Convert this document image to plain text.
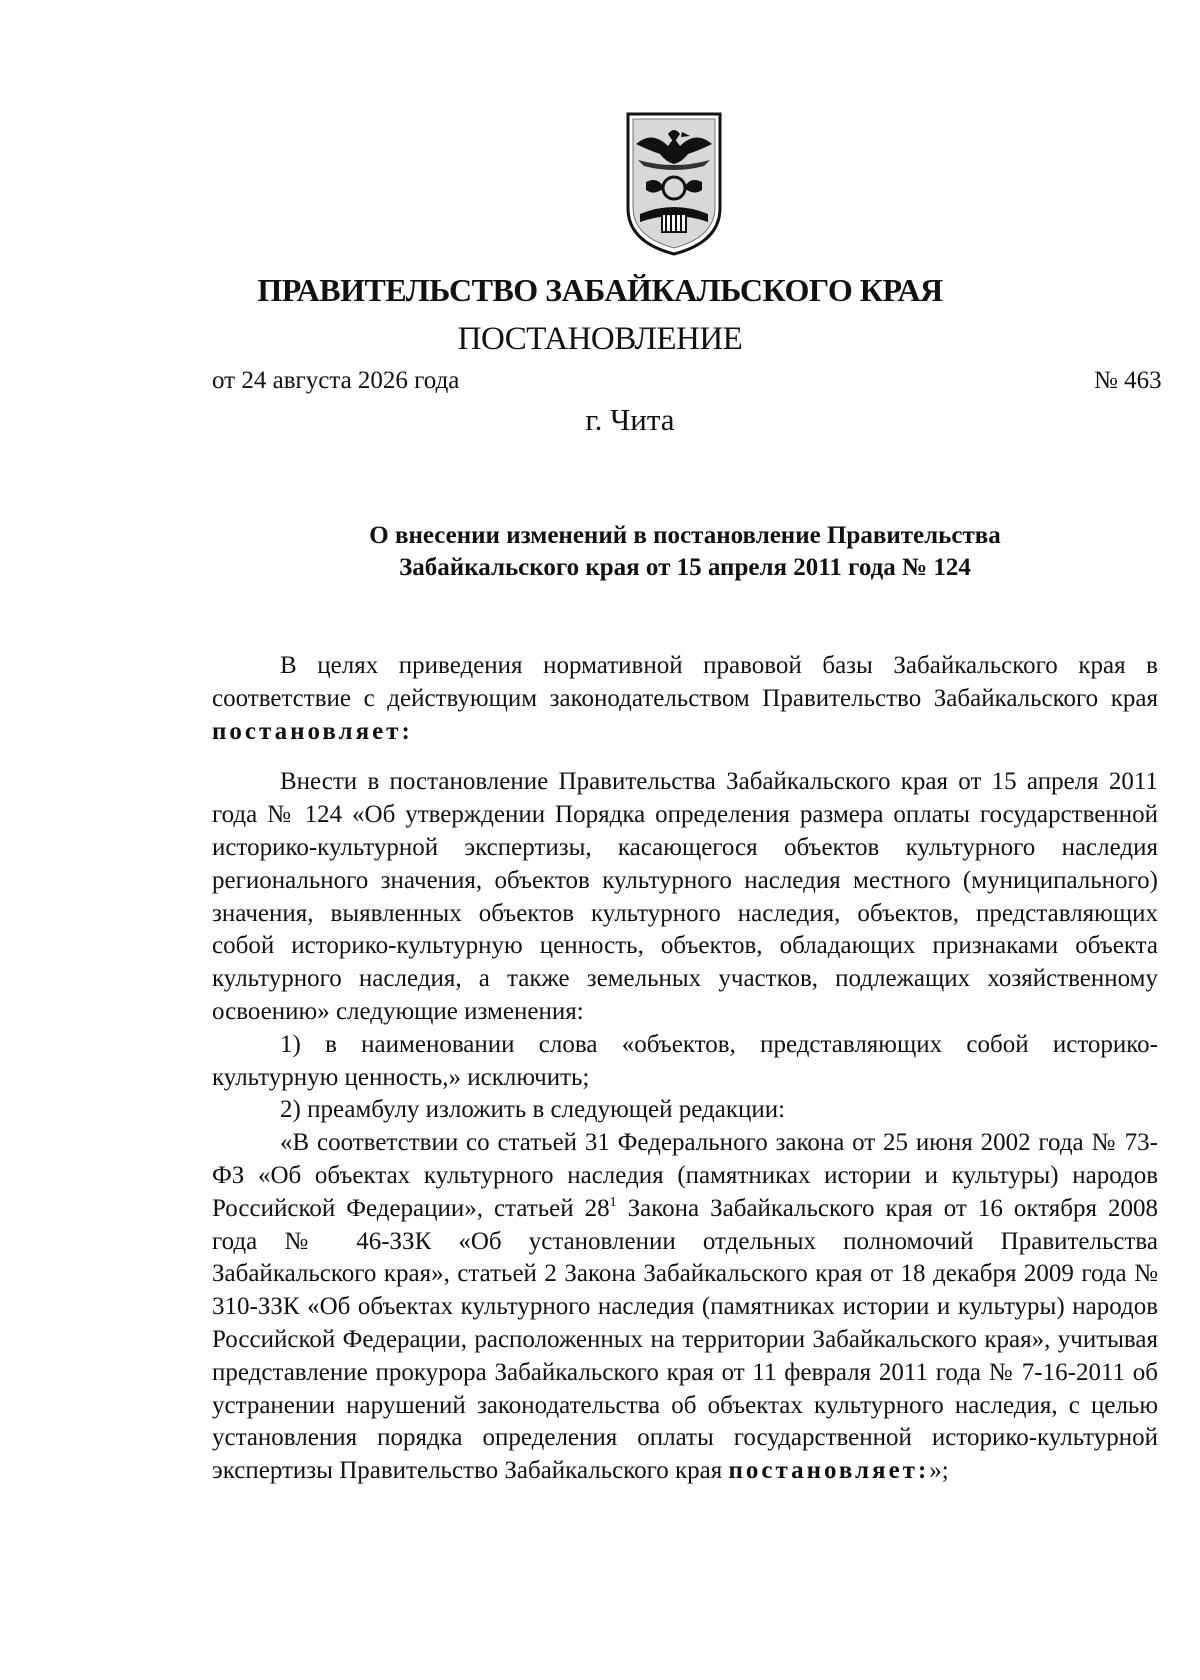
ПРАВИТЕЛЬСТВО ЗАБАЙКАЛЬСКОГО КРАЯ
ПОСТАНОВЛЕНИЕ
от 24 августа 2026 года	№ 463
г. Чита
О внесении изменений в постановление Правительства
Забайкальского края от 15 апреля 2011 года № 124

В целях приведения нормативной правовой базы Забайкальского края в соответствие с действующим законодательством Правительство Забайкальского края постановляет:

Внести в постановление Правительства Забайкальского края от 15 апреля 2011 года № 124 «Об утверждении Порядка определения размера оплаты государственной историко-культурной экспертизы, касающегося объектов культурного наследия регионального значения, объектов культурного наследия местного (муниципального) значения, выявленных объектов культурного наследия, объектов, представляющих собой историко-культурную ценность, объектов, обладающих признаками объекта культурного наследия, а также земельных участков, подлежащих хозяйственному освоению» следующие изменения:

1) в наименовании слова «объектов, представляющих собой историко-культурную ценность,» исключить;

2) преамбулу изложить в следующей редакции:

«В соответствии со статьей 31 Федерального закона от 25 июня 2002 года № 73-ФЗ «Об объектах культурного наследия (памятниках истории и культуры) народов Российской Федерации», статьей $28^1$ Закона Забайкальского края от 16 октября 2008 года № 46-ЗЗК «Об установлении отдельных полномочий Правительства Забайкальского края», статьей 2 Закона Забайкальского края от 18 декабря 2009 года № 310-ЗЗК «Об объектах культурного наследия (памятниках истории и культуры) народов Российской Федерации, расположенных на территории Забайкальского края», учитывая представление прокурора Забайкальского края от 11 февраля 2011 года № 7-16-2011 об устранении нарушений законодательства об объектах культурного наследия, с целью установления порядка определения оплаты государственной историко-культурной экспертизы Правительство Забайкальского края постановляет:»;
